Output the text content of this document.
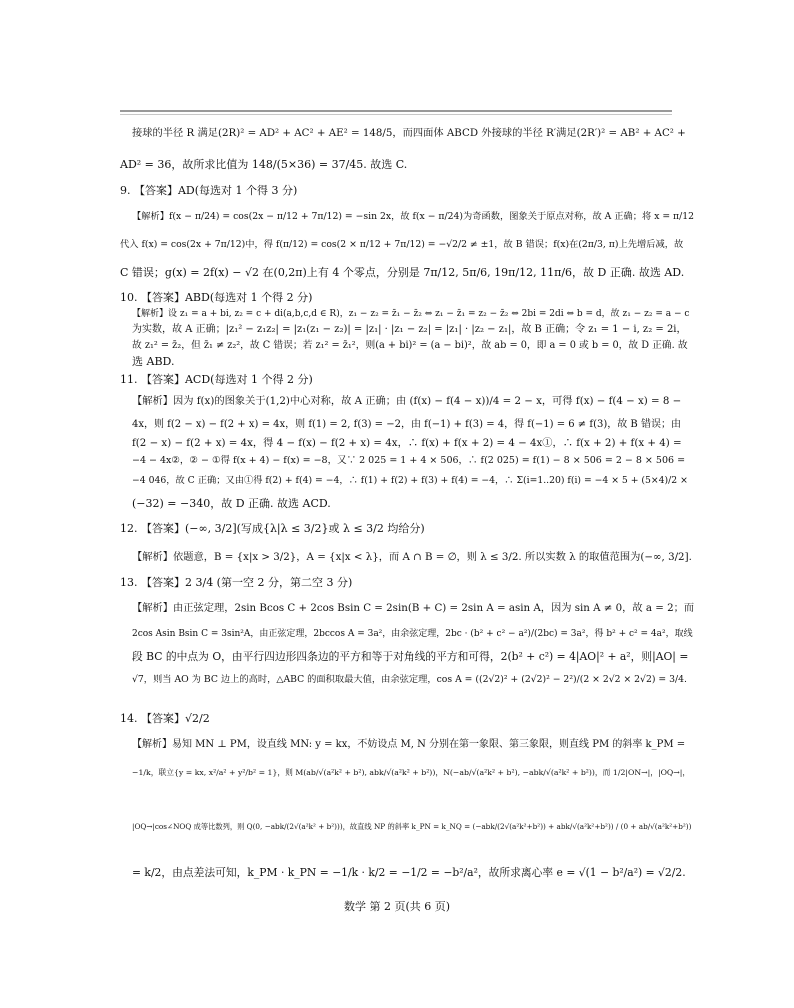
接球的半径 R 满足(2R)² = AD² + AC² + AE² = 148/5，而四面体 ABCD 外接球的半径 R′满足(2R′)² = AB² + AC² +
AD² = 36，故所求比值为 148/(5×36) = 37/45. 故选 C.
9. 【答案】AD(每选对 1 个得 3 分)
【解析】f(x − π/24) = cos(2x − π/12 + 7π/12) = −sin 2x，故 f(x − π/24)为奇函数，图象关于原点对称，故 A 正确；将 x = π/12
代入 f(x) = cos(2x + 7π/12)中，得 f(π/12) = cos(2 × π/12 + 7π/12) = −√2/2 ≠ ±1，故 B 错误；f(x)在(2π/3, π)上先增后减，故
C 错误；g(x) = 2f(x) − √2 在(0,2π)上有 4 个零点，分别是 7π/12, 5π/6, 19π/12, 11π/6，故 D 正确. 故选 AD.
10. 【答案】ABD(每选对 1 个得 2 分)
【解析】设 z₁ = a + bi, z₂ = c + di(a,b,c,d ∈ R)，z₁ − z₂ = z̄₁ − z̄₂ ⇔ z₁ − z̄₁ = z₂ − z̄₂ ⇔ 2bi = 2di ⇔ b = d，故 z₁ − z₂ = a − c
为实数，故 A 正确；|z₁² − z₁z₂| = |z₁(z₁ − z₂)| = |z₁| · |z₁ − z₂| = |z₁| · |z₂ − z₁|，故 B 正确；令 z₁ = 1 − i, z₂ = 2i，
故 z₁² = z̄₂，但 z̄₁ ≠ z₂²，故 C 错误；若 z₁² = z̄₁²，则(a + bi)² = (a − bi)²，故 ab = 0，即 a = 0 或 b = 0，故 D 正确. 故
选 ABD.
11. 【答案】ACD(每选对 1 个得 2 分)
【解析】因为 f(x)的图象关于(1,2)中心对称，故 A 正确；由 (f(x) − f(4 − x))/4 = 2 − x，可得 f(x) − f(4 − x) = 8 −
4x，则 f(2 − x) − f(2 + x) = 4x，则 f(1) = 2, f(3) = −2，由 f(−1) + f(3) = 4，得 f(−1) = 6 ≠ f(3)，故 B 错误；由
f(2 − x) − f(2 + x) = 4x，得 4 − f(x) − f(2 + x) = 4x，∴ f(x) + f(x + 2) = 4 − 4x①，∴ f(x + 2) + f(x + 4) =
−4 − 4x②，② − ①得 f(x + 4) − f(x) = −8，又∵ 2 025 = 1 + 4 × 506，∴ f(2 025) = f(1) − 8 × 506 = 2 − 8 × 506 =
−4 046，故 C 正确；又由①得 f(2) + f(4) = −4，∴ f(1) + f(2) + f(3) + f(4) = −4，∴ Σ(i=1..20) f(i) = −4 × 5 + (5×4)/2 ×
(−32) = −340，故 D 正确. 故选 ACD.
12. 【答案】(−∞, 3/2](写成{λ|λ ≤ 3/2}或 λ ≤ 3/2 均给分)
【解析】依题意，B = {x|x > 3/2}，A = {x|x < λ}，而 A ∩ B = ∅，则 λ ≤ 3/2. 所以实数 λ 的取值范围为(−∞, 3/2].
13. 【答案】2 3/4 (第一空 2 分，第二空 3 分)
【解析】由正弦定理，2sin Bcos C + 2cos Bsin C = 2sin(B + C) = 2sin A = asin A，因为 sin A ≠ 0，故 a = 2；而
2cos Asin Bsin C = 3sin²A，由正弦定理，2bccos A = 3a²，由余弦定理，2bc · (b² + c² − a²)/(2bc) = 3a²，得 b² + c² = 4a²，取线
段 BC 的中点为 O，由平行四边形四条边的平方和等于对角线的平方和可得，2(b² + c²) = 4|AO|² + a²，则|AO| =
√7，则当 AO 为 BC 边上的高时，△ABC 的面积取最大值，由余弦定理，cos A = ((2√2)² + (2√2)² − 2²)/(2 × 2√2 × 2√2) = 3/4.
14. 【答案】√2/2
【解析】易知 MN ⊥ PM，设直线 MN: y = kx，不妨设点 M, N 分别在第一象限、第三象限，则直线 PM 的斜率 k_PM =
−1/k，联立{y = kx, x²/a² + y²/b² = 1}，则 M(ab/√(a²k² + b²), abk/√(a²k² + b²))，N(−ab/√(a²k² + b²), −abk/√(a²k² + b²))，而 1/2|ON→|，|OQ→|，
|OQ→|cos∠NOQ 成等比数列，则 Q(0, −abk/(2√(a²k² + b²)))，故直线 NP 的斜率 k_PN = k_NQ = (−abk/(2√(a²k²+b²)) + abk/√(a²k²+b²)) / (0 + ab/√(a²k²+b²))
= k/2，由点差法可知，k_PM · k_PN = −1/k · k/2 = −1/2 = −b²/a²，故所求离心率 e = √(1 − b²/a²) = √2/2.
数学 第 2 页(共 6 页)
